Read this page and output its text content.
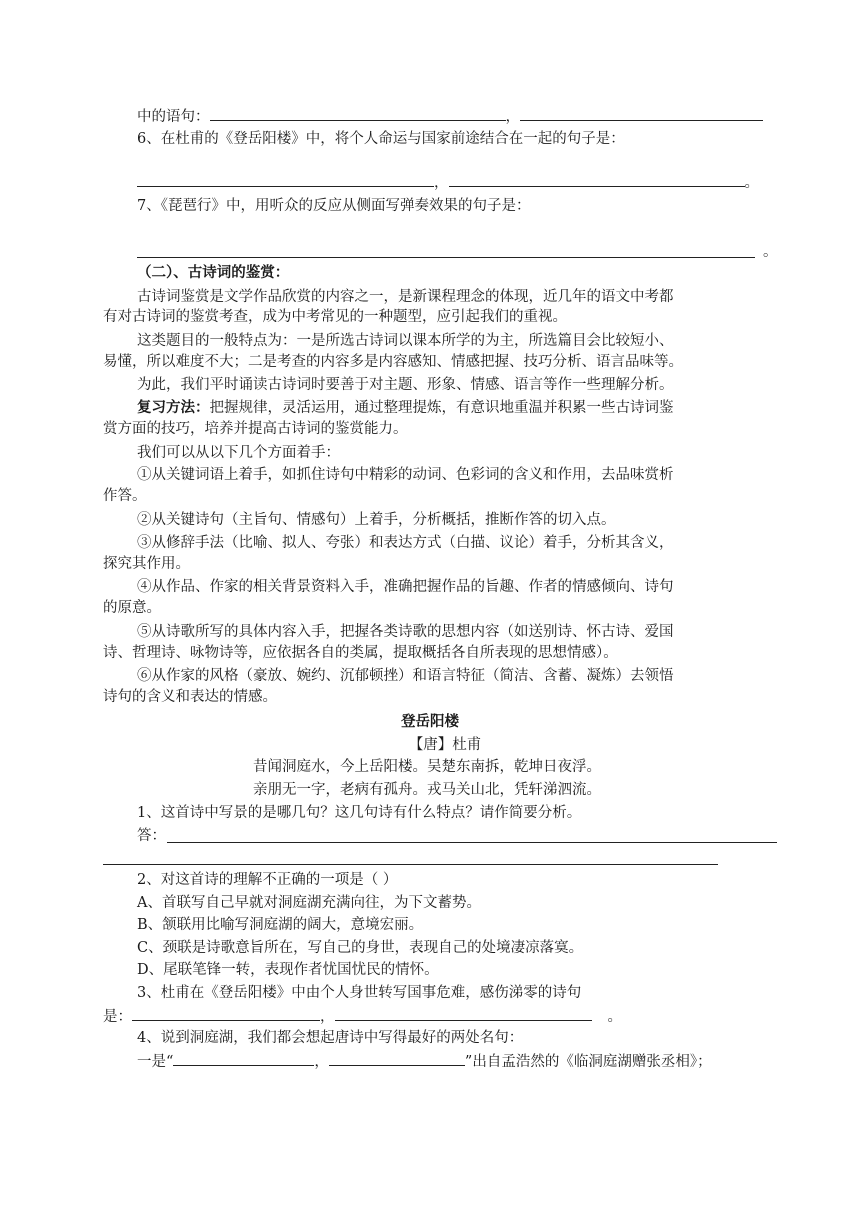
中的语句：	，
6、在杜甫的《登岳阳楼》中，将个人命运与国家前途结合在一起的句子是：
，	。
7、《琵琶行》中，用听众的反应从侧面写弹奏效果的句子是：
。
（二）、古诗词的鉴赏：
古诗词鉴赏是文学作品欣赏的内容之一，是新课程理念的体现，近几年的语文中考都
有对古诗词的鉴赏考查，成为中考常见的一种题型，应引起我们的重视。
这类题目的一般特点为：一是所选古诗词以课本所学的为主，所选篇目会比较短小、
易懂，所以难度不大；二是考查的内容多是内容感知、情感把握、技巧分析、语言品味等。
为此，我们平时诵读古诗词时要善于对主题、形象、情感、语言等作一些理解分析。
复习方法：把握规律，灵活运用，通过整理提炼，有意识地重温并积累一些古诗词鉴
赏方面的技巧，培养并提高古诗词的鉴赏能力。
我们可以从以下几个方面着手：
①从关键词语上着手，如抓住诗句中精彩的动词、色彩词的含义和作用，去品味赏析
作答。
②从关键诗句（主旨句、情感句）上着手，分析概括，推断作答的切入点。
③从修辞手法（比喻、拟人、夸张）和表达方式（白描、议论）着手，分析其含义，
探究其作用。
④从作品、作家的相关背景资料入手，准确把握作品的旨趣、作者的情感倾向、诗句
的原意。
⑤从诗歌所写的具体内容入手，把握各类诗歌的思想内容（如送别诗、怀古诗、爱国
诗、哲理诗、咏物诗等，应依据各自的类属，提取概括各自所表现的思想情感）。
⑥从作家的风格（豪放、婉约、沉郁顿挫）和语言特征（简洁、含蓄、凝炼）去领悟
诗句的含义和表达的情感。
登岳阳楼
【唐】杜甫
昔闻洞庭水，今上岳阳楼。吴楚东南拆，乾坤日夜浮。
亲朋无一字，老病有孤舟。戎马关山北，凭轩涕泗流。
1、这首诗中写景的是哪几句？这几句诗有什么特点？请作简要分析。
答：
2、对这首诗的理解不正确的一项是（ ）
A、首联写自己早就对洞庭湖充满向往，为下文蓄势。
B、颔联用比喻写洞庭湖的阔大，意境宏丽。
C、颈联是诗歌意旨所在，写自己的身世，表现自己的处境凄凉落寞。
D、尾联笔锋一转，表现作者忧国忧民的情怀。
3、杜甫在《登岳阳楼》中由个人身世转写国事危难，感伤涕零的诗句
是：	，	。
4、说到洞庭湖，我们都会想起唐诗中写得最好的两处名句：
一是“	，	”出自孟浩然的《临洞庭湖赠张丞相》；
